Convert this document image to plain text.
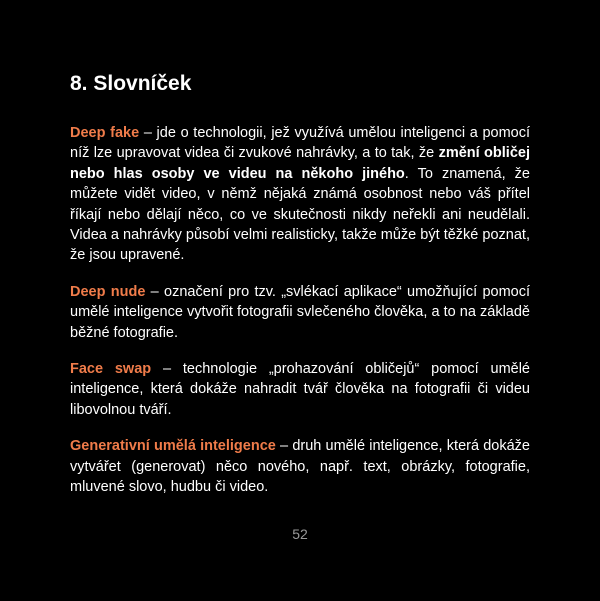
8. Slovníček

Deep fake – jde o technologii, jež využívá umělou inteligenci a pomocí níž lze upravovat videa či zvukové nahrávky, a to tak, že změní obličej nebo hlas osoby ve videu na někoho jiného. To znamená, že můžete vidět video, v němž nějaká známá osobnost nebo váš přítel říkají nebo dělají něco, co ve skutečnosti nikdy neřekli ani neudělali. Videa a nahrávky působí velmi realisticky, takže může být těžké poznat, že jsou upravené.

Deep nude – označení pro tzv. „svlékací aplikace“ umožňující pomocí umělé inteligence vytvořit fotografii svlečeného člověka, a to na základě běžné fotografie.

Face swap – technologie „prohazování obličejů“ pomocí umělé inteligence, která dokáže nahradit tvář člověka na fotografii či videu libovolnou tváří.

Generativní umělá inteligence – druh umělé inteligence, která dokáže vytvářet (generovat) něco nového, např. text, obrázky, fotografie, mluvené slovo, hudbu či video.

52
